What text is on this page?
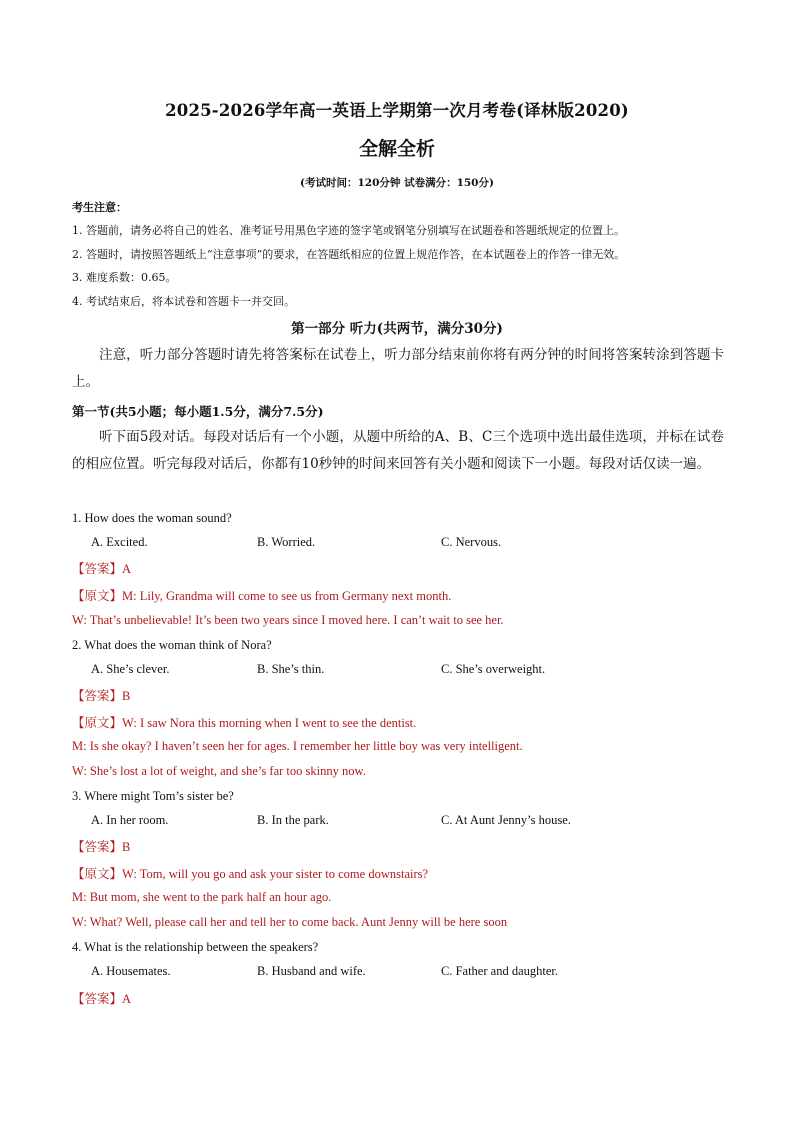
2025-2026学年高一英语上学期第一次月考卷(译林版2020)
全解全析
(考试时间：120分钟 试卷满分：150分)
考生注意：
1. 答题前，请务必将自己的姓名、准考证号用黑色字迹的签字笔或钢笔分别填写在试题卷和答题纸规定的位置上。
2. 答题时，请按照答题纸上“注意事项”的要求，在答题纸相应的位置上规范作答，在本试题卷上的作答一律无效。
3. 难度系数：0.65。
4. 考试结束后，将本试卷和答题卡一并交回。
第一部分 听力(共两节，满分30分)
注意，听力部分答题时请先将答案标在试卷上，听力部分结束前你将有两分钟的时间将答案转涂到答题卡上。
第一节(共5小题；每小题1.5分，满分7.5分)
听下面5段对话。每段对话后有一个小题，从题中所给的A、B、C三个选项中选出最佳选项，并标在试卷的相应位置。听完每段对话后，你都有10秒钟的时间来回答有关小题和阅读下一小题。每段对话仅读一遍。
1. How does the woman sound?
A. Excited.	B. Worried.	C. Nervous.
【答案】A
【原文】M: Lily, Grandma will come to see us from Germany next month.
W: That’s unbelievable! It’s been two years since I moved here. I can’t wait to see her.
2. What does the woman think of Nora?
A. She’s clever.	B. She’s thin.	C. She’s overweight.
【答案】B
【原文】W: I saw Nora this morning when I went to see the dentist.
M: Is she okay? I haven’t seen her for ages. I remember her little boy was very intelligent.
W: She’s lost a lot of weight, and she’s far too skinny now.
3. Where might Tom’s sister be?
A. In her room.	B. In the park.	C. At Aunt Jenny’s house.
【答案】B
【原文】W: Tom, will you go and ask your sister to come downstairs?
M: But mom, she went to the park half an hour ago.
W: What? Well, please call her and tell her to come back. Aunt Jenny will be here soon
4. What is the relationship between the speakers?
A. Housemates.	B. Husband and wife.	C. Father and daughter.
【答案】A
